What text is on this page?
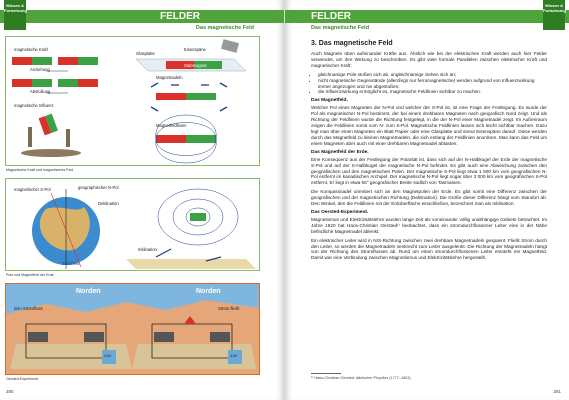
FELDER
Das magnetische Feld
Wissen & Fortsetzung
magnetische Kraft
Anziehung
Abstoßung
magnetische Influenz
Glasplatte
Eisenspäne
Stabmagnet
Magnetnadeln
Magnetfeldlinien
Magnetische Kraft und magnetisches Feld
magnetischer S-Pol	geographischer N-Pol
Deklination
Inklination
Erdachse
Pole und Magnetfeld der Erde
Norden	Norden
kein Stromfluss	Strom fließt
4,5V	4,5V
Oersted-Experiment
280
FELDER
Das magnetische Feld
Wissen & Fortsetzung
3. Das magnetische Feld

Auch Magnete üben aufeinander Kräfte aus. Ähnlich wie bei der elektrischen Kraft werden auch hier Felder verwendet, um ihre Wirkung zu beschreiben. Es gibt viele formale Parallelen zwischen elektrischer Kraft und magnetischer Kraft:

• gleichnamige Pole stoßen sich ab, ungleichnamige ziehen sich an;
• nicht magnetische Gegenstände (allerdings nur ferromagnetische) werden aufgrund von Influenzwirkung immer angezogen und nie abgestoßen;
• die Influenzwirkung ermöglicht es, magnetische Feldlinien sichtbar zu machen.
Das Magnetfeld.

Welcher Pol eines Magneten der N-Pol und welcher der S-Pol ist, ist eine Frage der Festlegung. Es wurde der Pol als magnetischer N-Pol bestimmt, der bei einem drehbaren Magneten nach geografisch Nord zeigt. Und als Richtung der Feldlinien wurde die Richtung festgelegt, in die der N-Pol einer Magnetnadel zeigt. Im Außenraum zeigen die Feldlinien somit vom N- zum S-Pol. Magnetische Feldlinien lassen sich leicht sichtbar machen. Dazu legt man über einen Magneten ein Blatt Papier oder eine Glasplatte und streut Eisenspäne darauf. Diese werden durch das Magnetfeld zu kleinen Magnetnadeln, die sich entlang der Feldlinien anordnen. Man kann das Feld um einen Magneten aber auch mit einer drehbaren Magnetnadel abtasten.

Das Magnetfeld der Erde.

Eine Konsequenz aus der Festlegung der Polarität ist, dass sich auf der N-Halbkugel der Erde der magnetische S-Pol und auf der S-Halbkugel der magnetische N-Pol befindet. Es gibt auch eine Abweichung zwischen den geografischen und den magnetischen Polen. Der magnetische S-Pol liegt etwa 1 500 km vom geografischen N-Pol entfernt im kanadischen Archipel. Der magnetische N-Pol liegt sogar über 3 000 km vom geografischen S-Pol entfernt. Er liegt in etwa 65° geografischer Breite südlich von Tasmanien.

Die Kompassnadel orientiert sich an den Magnetpolen der Erde. Es gibt somit eine Differenz zwischen der geografischen und der magnetischen Richtung (Deklination). Die Größe dieser Differenz hängt vom Standort ab. Den Winkel, den die Feldlinien mit der Erdoberfläche einschließen, bezeichnet man als Inklination.

Das Oersted-Experiment.

Magnetismus und Elektrizitätslehre wurden lange Zeit als voneinander völlig unabhängige Gebiete betrachtet. Im Jahre 1820 hat Hans-Christian Oersted¹⁾ beobachtet, dass ein stromdurchflossener Leiter eine in der Nähe befindliche Magnetnadel ablenkt.

Ein elektrischer Leiter wird in N/S-Richtung zwischen zwei drehbare Magnetnadeln gespannt. Fließt Strom durch den Leiter, so werden die Magnetnadeln senkrecht zum Leiter ausgelenkt. Die Richtung der Magnetnadeln hängt von der Richtung des Stromflusses ab. Rund um einen stromdurchflossenen Leiter entsteht ein Magnetfeld. Damit war eine Verbindung zwischen Magnetismus und Elektrizitätslehre hergestellt.

¹⁾ Hans-Christian Oersted: dänischer Physiker (1777–1851)
281
